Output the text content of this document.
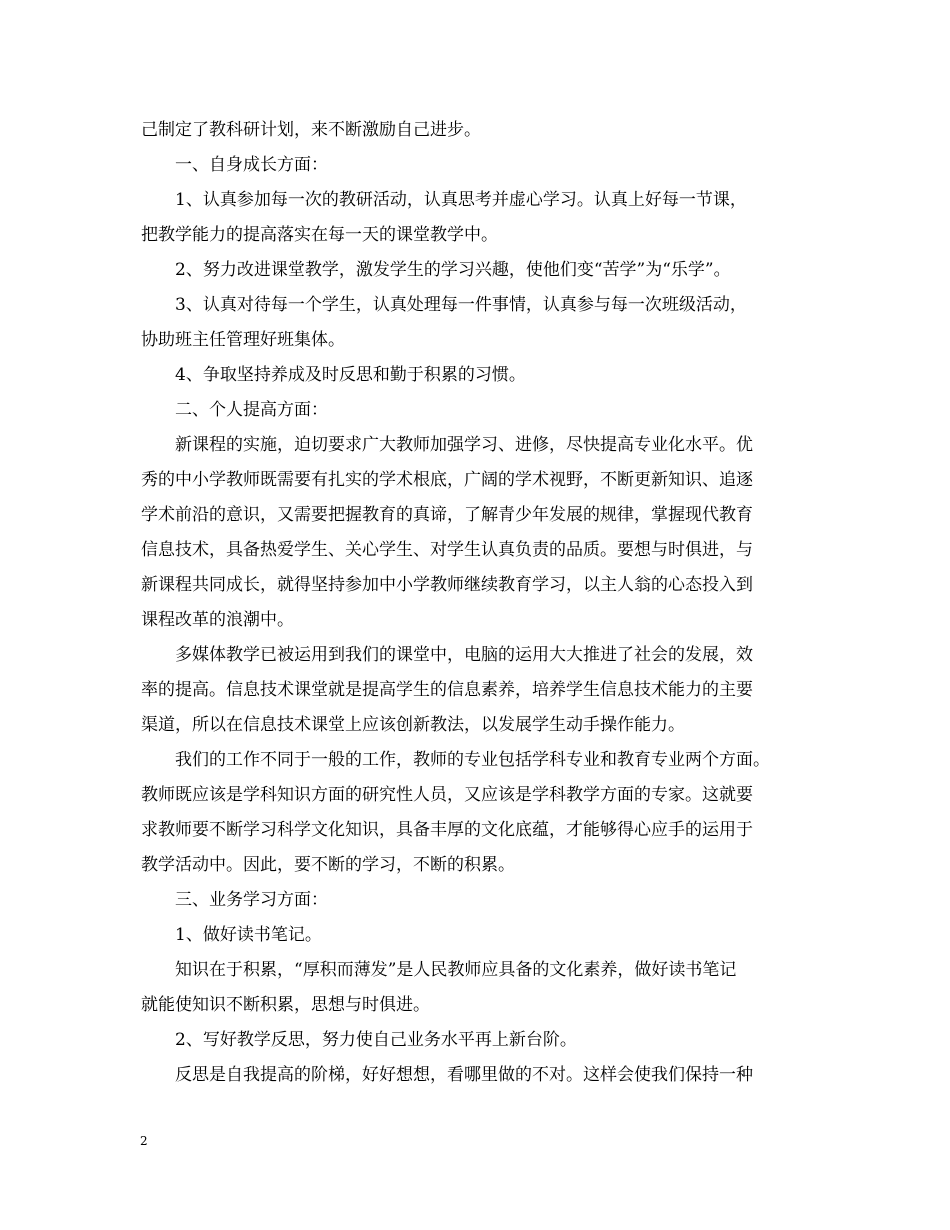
己制定了教科研计划，来不断激励自己进步。
一、自身成长方面：
1、认真参加每一次的教研活动，认真思考并虚心学习。认真上好每一节课，
把教学能力的提高落实在每一天的课堂教学中。
2、努力改进课堂教学，激发学生的学习兴趣，使他们变“苦学”为“乐学”。
3、认真对待每一个学生，认真处理每一件事情，认真参与每一次班级活动，
协助班主任管理好班集体。
4、争取坚持养成及时反思和勤于积累的习惯。
二、个人提高方面：
新课程的实施，迫切要求广大教师加强学习、进修，尽快提高专业化水平。优
秀的中小学教师既需要有扎实的学术根底，广阔的学术视野，不断更新知识、追逐
学术前沿的意识，又需要把握教育的真谛，了解青少年发展的规律，掌握现代教育
信息技术，具备热爱学生、关心学生、对学生认真负责的品质。要想与时俱进，与
新课程共同成长，就得坚持参加中小学教师继续教育学习，以主人翁的心态投入到
课程改革的浪潮中。
多媒体教学已被运用到我们的课堂中，电脑的运用大大推进了社会的发展，效
率的提高。信息技术课堂就是提高学生的信息素养，培养学生信息技术能力的主要
渠道，所以在信息技术课堂上应该创新教法，以发展学生动手操作能力。
我们的工作不同于一般的工作，教师的专业包括学科专业和教育专业两个方面。
教师既应该是学科知识方面的研究性人员，又应该是学科教学方面的专家。这就要
求教师要不断学习科学文化知识，具备丰厚的文化底蕴，才能够得心应手的运用于
教学活动中。因此，要不断的学习，不断的积累。
三、业务学习方面：
1、做好读书笔记。
知识在于积累，“厚积而薄发”是人民教师应具备的文化素养，做好读书笔记
就能使知识不断积累，思想与时俱进。
2、写好教学反思，努力使自己业务水平再上新台阶。
反思是自我提高的阶梯，好好想想，看哪里做的不对。这样会使我们保持一种
2
